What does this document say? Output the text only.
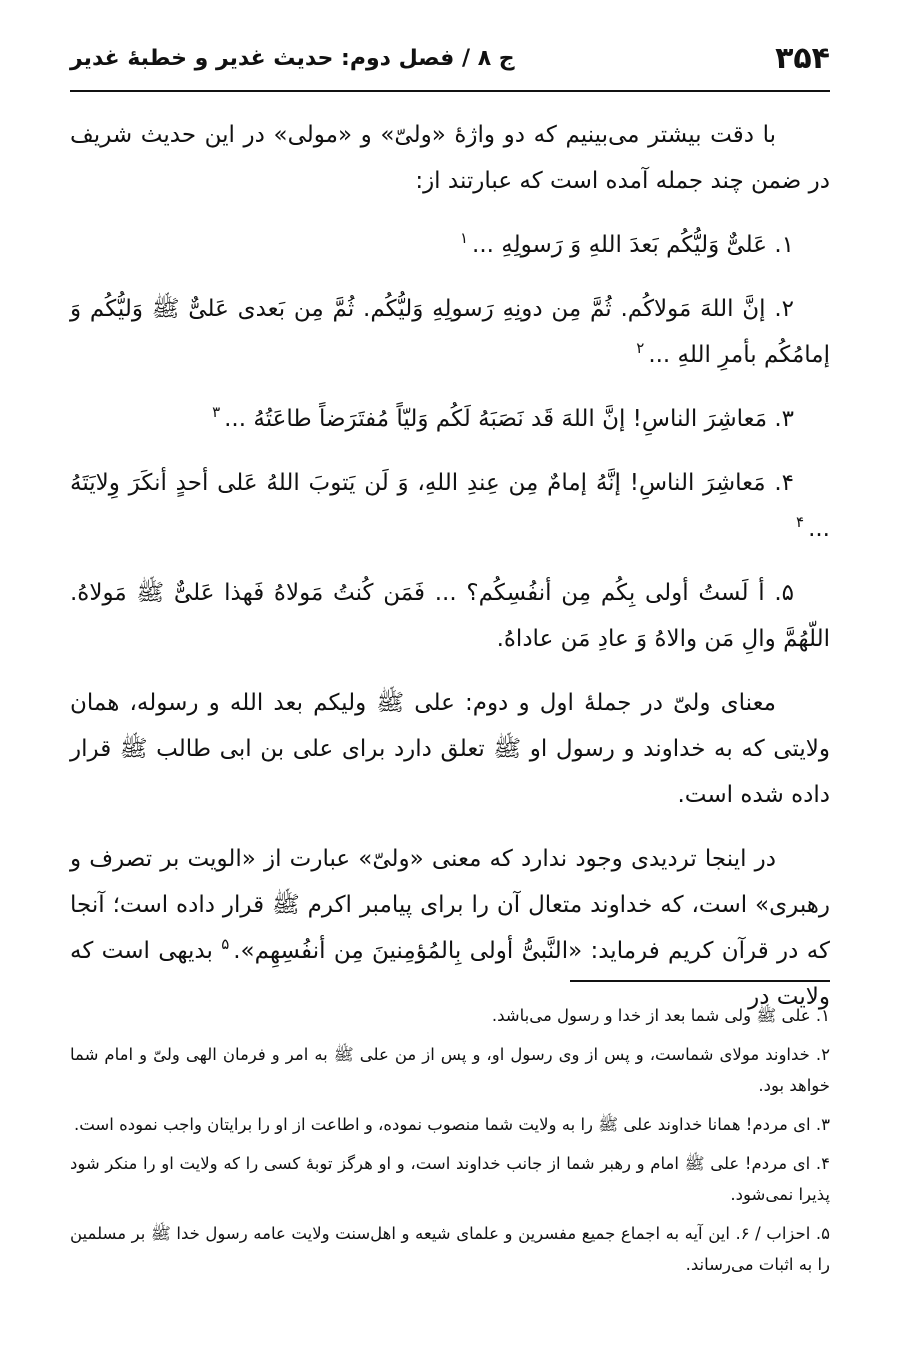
۳۵۴
ج ۸ / فصل دوم: حدیث غدیر و خطبهٔ غدیر

با دقت بیشتر می‌بینیم که دو واژهٔ «ولیّ» و «مولی» در این حدیث شریف در ضمن چند جمله آمده است که عبارتند از:

۱. عَلیٌّ وَلیُّکُم بَعدَ اللهِ وَ رَسولِهِ ...$^۱$

۲. إنَّ اللهَ مَولاکُم. ثُمَّ مِن دونِهِ رَسولِهِ وَلیُّکُم. ثُمَّ مِن بَعدی عَلیٌّ ﷺ وَلیُّکُم وَ إمامُکُم بأمرِ اللهِ ...$^۲$

۳. مَعاشِرَ الناسِ! إنَّ اللهَ قَد نَصَبَهُ لَکُم وَلیّاً مُفتَرَضاً طاعَتُهُ ...$^۳$

۴. مَعاشِرَ الناسِ! إنَّهُ إمامٌ مِن عِندِ اللهِ، وَ لَن یَتوبَ اللهُ عَلی أحدٍ أنکَرَ وِلایَتَهُ ...$^۴$

۵. أ لَستُ أولی بِکُم مِن أنفُسِکُم؟ ... فَمَن کُنتُ مَولاهُ فَهذا عَلیٌّ ﷺ مَولاهُ. اللّهُمَّ والِ مَن والاهُ وَ عادِ مَن عاداهُ.

معنای ولیّ در جملهٔ اول و دوم: علی ﷺ ولیکم بعد الله و رسوله، همان ولایتی که به خداوند و رسول او ﷺ تعلق دارد برای علی بن ابی طالب ﷺ قرار داده شده است.

در اینجا تردیدی وجود ندارد که معنی «ولیّ» عبارت از «الویت بر تصرف و رهبری» است، که خداوند متعال آن را برای پیامبر اکرم ﷺ قرار داده است؛ آنجا که در قرآن کریم فرماید: «النَّبیُّ أولی بِالمُؤمِنینَ مِن أنفُسِهِم».$^۵$ بدیهی است که ولایت در

۱. علی ﷺ ولی شما بعد از خدا و رسول می‌باشد.

۲. خداوند مولای شماست، و پس از وی رسول او، و پس از من علی ﷺ به امر و فرمان الهی ولیّ و امام شما خواهد بود.

۳. ای مردم! همانا خداوند علی ﷺ را به ولایت شما منصوب نموده، و اطاعت از او را برایتان واجب نموده است.

۴. ای مردم! علی ﷺ امام و رهبر شما از جانب خداوند است، و او هرگز توبهٔ کسی را که ولایت او را منکر شود پذیرا نمی‌شود.

۵. احزاب / ۶. این آیه به اجماع جمیع مفسرین و علمای شیعه و اهل‌سنت ولایت عامه رسول خدا ﷺ بر مسلمین را به اثبات می‌رساند.
